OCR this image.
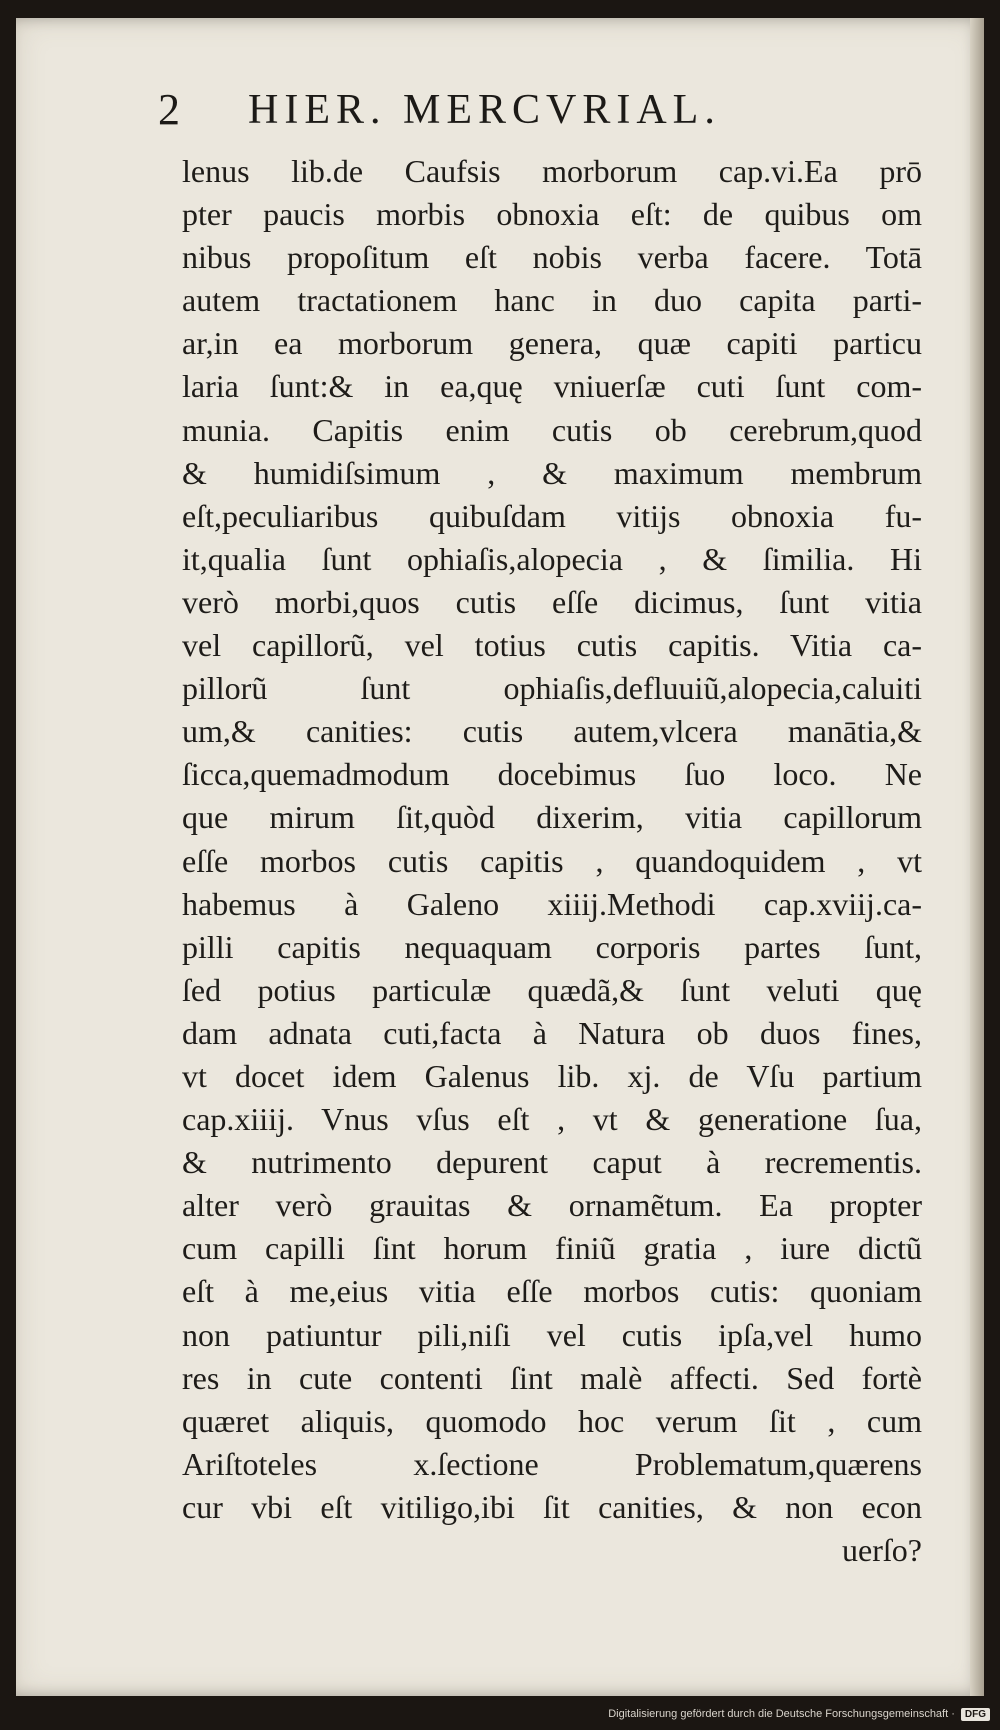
2 HIER. MERCVRIAL.
lenus lib.de Caufsis morborum cap.vi.Ea prō
pter paucis morbis obnoxia eſt: de quibus om
nibus propoſitum eſt nobis verba facere. Totā
autem tractationem hanc in duo capita parti-
ar,in ea morborum genera, quæ capiti particu
laria ſunt:& in ea,quę vniuerſæ cuti ſunt com-
munia. Capitis enim cutis ob cerebrum,quod
& humidiſsimum , & maximum membrum
eſt,peculiaribus quibuſdam vitijs obnoxia fu-
it,qualia ſunt ophiaſis,alopecia , & ſimilia. Hi
verò morbi,quos cutis eſſe dicimus, ſunt vitia
vel capillorũ, vel totius cutis capitis. Vitia ca-
pillorũ ſunt ophiaſis,defluuiũ,alopecia,caluiti
um,& canities: cutis autem,vlcera manātia,&
ſicca,quemadmodum docebimus ſuo loco. Ne
que mirum ſit,quòd dixerim, vitia capillorum
eſſe morbos cutis capitis , quandoquidem , vt
habemus à Galeno xiiij.Methodi cap.xviij.ca-
pilli capitis nequaquam corporis partes ſunt,
ſed potius particulæ quædã,& ſunt veluti quę
dam adnata cuti,facta à Natura ob duos fines,
vt docet idem Galenus lib. xj. de Vſu partium
cap.xiiij. Vnus vſus eſt , vt & generatione ſua,
& nutrimento depurent caput à recrementis.
alter verò grauitas & ornamẽtum. Ea propter
cum capilli ſint horum finiũ gratia , iure dictũ
eſt à me,eius vitia eſſe morbos cutis: quoniam
non patiuntur pili,niſi vel cutis ipſa,vel humo
res in cute contenti ſint malè affecti. Sed fortè
quæret aliquis, quomodo hoc verum ſit , cum
Ariſtoteles x.ſectione Problematum,quærens
cur vbi eſt vitiligo,ibi ſit canities, & non econ
uerſo?
Digitalisierung gefördert durch die Deutsche Forschungsgemeinschaft ·	DFG
